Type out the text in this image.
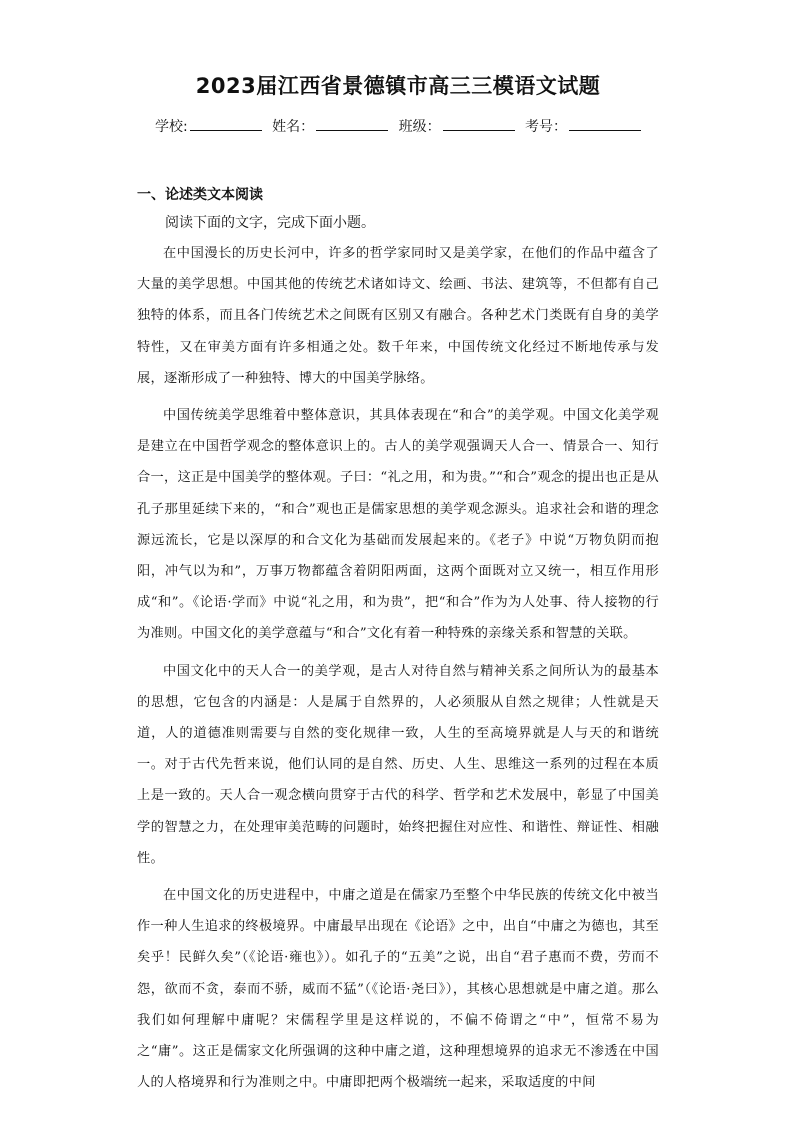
2023届江西省景德镇市高三三模语文试题
学校:	姓名：	班级：	考号：
一、论述类文本阅读
阅读下面的文字，完成下面小题。

在中国漫长的历史长河中，许多的哲学家同时又是美学家，在他们的作品中蕴含了大量的美学思想。中国其他的传统艺术诸如诗文、绘画、书法、建筑等，不但都有自己独特的体系，而且各门传统艺术之间既有区别又有融合。各种艺术门类既有自身的美学特性，又在审美方面有许多相通之处。数千年来，中国传统文化经过不断地传承与发展，逐渐形成了一种独特、博大的中国美学脉络。

中国传统美学思维着中整体意识，其具体表现在“和合”的美学观。中国文化美学观是建立在中国哲学观念的整体意识上的。古人的美学观强调天人合一、情景合一、知行合一，这正是中国美学的整体观。子曰：“礼之用，和为贵。”“和合”观念的提出也正是从孔子那里延续下来的，“和合”观也正是儒家思想的美学观念源头。追求社会和谐的理念源远流长，它是以深厚的和合文化为基础而发展起来的。《老子》中说“万物负阴而抱阳，冲气以为和”，万事万物都蕴含着阴阳两面，这两个面既对立又统一，相互作用形成“和”。《论语·学而》中说“礼之用，和为贵”，把“和合”作为为人处事、待人接物的行为准则。中国文化的美学意蕴与“和合”文化有着一种特殊的亲缘关系和智慧的关联。

中国文化中的天人合一的美学观，是古人对待自然与精神关系之间所认为的最基本的思想，它包含的内涵是：人是属于自然界的，人必须服从自然之规律；人性就是天道，人的道德准则需要与自然的变化规律一致，人生的至高境界就是人与天的和谐统一。对于古代先哲来说，他们认同的是自然、历史、人生、思维这一系列的过程在本质上是一致的。天人合一观念横向贯穿于古代的科学、哲学和艺术发展中，彰显了中国美学的智慧之力，在处理审美范畴的问题时，始终把握住对应性、和谐性、辩证性、相融性。

在中国文化的历史进程中，中庸之道是在儒家乃至整个中华民族的传统文化中被当作一种人生追求的终极境界。中庸最早出现在《论语》之中，出自“中庸之为德也，其至矣乎！民鲜久矣”（《论语·雍也》）。如孔子的“五美”之说，出自“君子惠而不费，劳而不怨，欲而不贪，泰而不骄，威而不猛”（《论语·尧曰》），其核心思想就是中庸之道。那么我们如何理解中庸呢？宋儒程学里是这样说的，不偏不倚谓之“中”，恒常不易为之“庸”。这正是儒家文化所强调的这种中庸之道，这种理想境界的追求无不渗透在中国人的人格境界和行为准则之中。中庸即把两个极端统一起来，采取适度的中间
